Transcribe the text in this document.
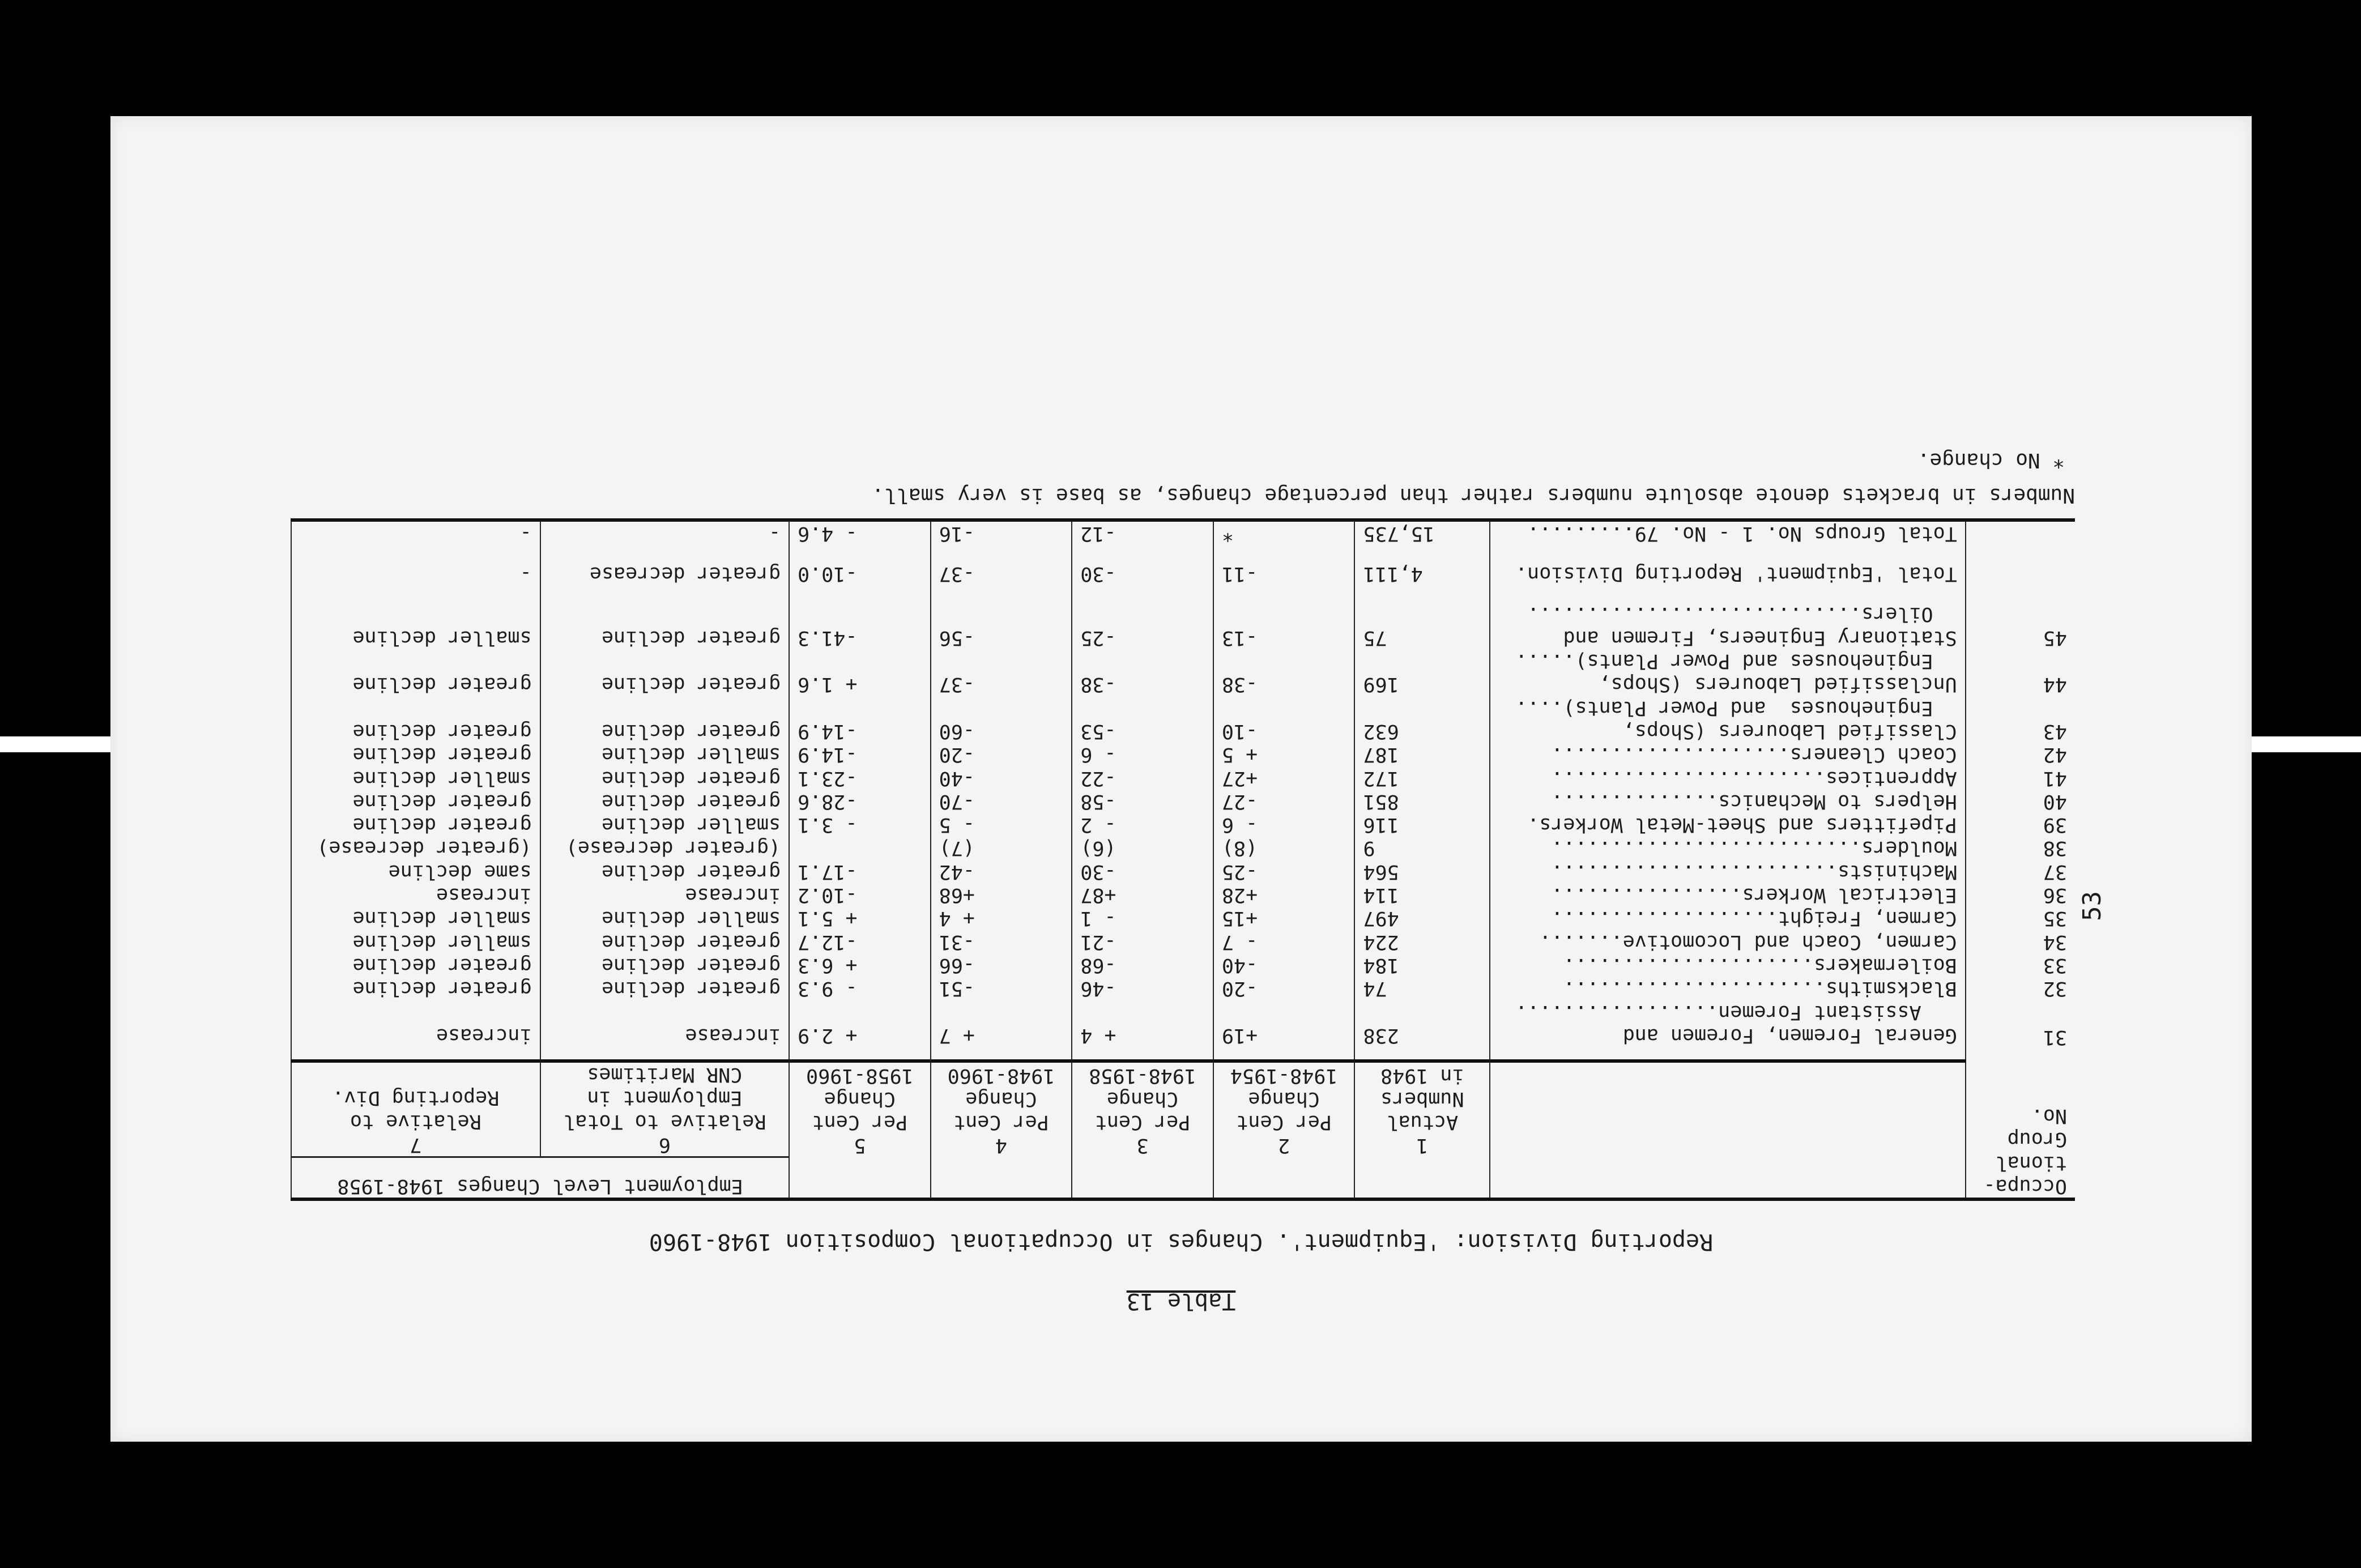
53
Table 13
Reporting Division: 'Equipment'. Changes in Occupational Composition 1948-1960
Occupa-
tional
Group
No.							Employment Level Changes 1948-1958	
		1
Actual
Numbers
in 1948	2
Per Cent
Change
1948-1954	3
Per Cent
Change
1948-1958	4
Per Cent
Change
1948-1960	5
Per Cent
Change
1958-1960	6
Relative to Total
Employment in
CNR Maritimes	7
Relative to
Reporting Div.
31	General Foremen, Foremen and
Assistant Foremen.................	238	+19	+ 4	+ 7	+ 2.9	increase	increase
32	Blacksmiths......................	74	-20	-46	-51	- 9.3	greater decline	greater decline
33	Boilermakers.....................	184	-40	-68	-66	+ 6.3	greater decline	greater decline
34	Carmen, Coach and Locomotive.......	224	- 7	-21	-31	-12.7	greater decline	smaller decline
35	Carmen, Freight...................	497	+15	- 1	+ 4	+ 5.1	smaller decline	smaller decline
36	Electrical Workers................	114	+28	+87	+68	-10.2	increase	increase
37	Machinists........................	564	-25	-30	-42	-17.1	greater decline	same decline
38	Moulders..........................	9	(8)	(6)	(7)		(greater decrease)	(greater decrease)
39	Pipefitters and Sheet-Metal Workers.	116	- 6	- 2	- 5	- 3.1	smaller decline	greater decline
40	Helpers to Mechanics..............	851	-27	-58	-70	-28.6	greater decline	greater decline
41	Apprentices.......................	172	+27	-22	-40	-23.1	greater decline	smaller decline
42	Coach Cleaners....................	187	+ 5	- 6	-20	-14.9	smaller decline	greater decline
43	Classified Labourers (Shops,
Enginehouses  and Power Plants)....	632	-10	-53	-60	-14.9	greater decline	greater decline
44	Unclassified Labourers (Shops,
Enginehouses and Power Plants).....	169	-38	-38	-37	+ 1.6	greater decline	greater decline
45	Stationary Engineers, Firemen and
Oilers............................	75	-13	-25	-56	-41.3	greater decline	smaller decline
	Total 'Equipment' Reporting Division.	4,111	-11	-30	-37	-10.0	greater decrease	-
	Total Groups No. 1 - No. 79.........	15,735	*	-12	-16	- 4.6	-	-
Numbers in brackets denote absolute numbers rather than percentage changes, as base is very small.
* No change.
